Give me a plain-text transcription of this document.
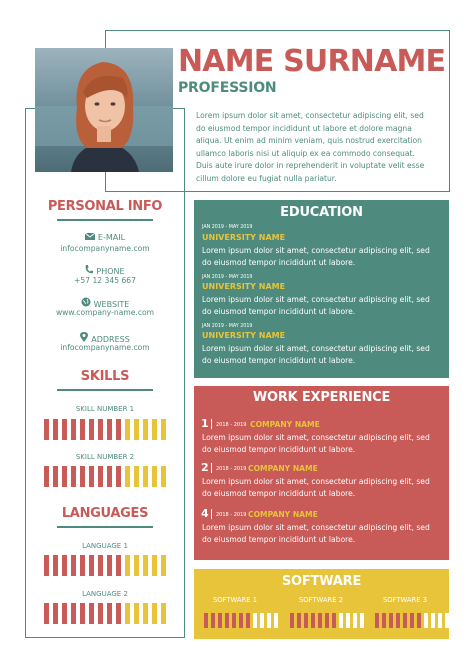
NAME SURNAME
PROFESSION
Lorem ipsum dolor sit amet, consectetur adipiscing elit, sed do eiusmod tempor incididunt ut labore et dolore magna aliqua. Ut enim ad minim veniam, quis nostrud exercitation ullamco laboris nisi ut aliquip ex ea commodo consequat. Duis aute irure dolor in reprehenderit in voluptate velit esse cillum dolore eu fugiat nulla pariatur.
PERSONAL INFO
E-MAIL
infocompanyname.com
PHONE
+57 12 345 667
WEBSITE
www.company-name.com
ADDRESS
infocompanyname.com
SKILLS
SKILL NUMBER 1
SKILL NUMBER 2
LANGUAGES
LANGUAGE 1
LANGUAGE 2
EDUCATION
JAN 2019 - MAY 2019
UNIVERSITY NAME
Lorem ipsum dolor sit amet, consectetur adipiscing elit, sed do eiusmod tempor incididunt ut labore.
JAN 2019 - MAY 2019
UNIVERSITY NAME
Lorem ipsum dolor sit amet, consectetur adipiscing elit, sed do eiusmod tempor incididunt ut labore.
JAN 2019 - MAY 2019
UNIVERSITY NAME
Lorem ipsum dolor sit amet, consectetur adipiscing elit, sed do eiusmod tempor incididunt ut labore.
WORK EXPERIENCE
1 2018 - 2019 COMPANY NAME
Lorem ipsum dolor sit amet, consectetur adipiscing elit, sed do eiusmod tempor incididunt ut labore.
2 2018 - 2019 COMPANY NAME
Lorem ipsum dolor sit amet, consectetur adipiscing elit, sed do eiusmod tempor incididunt ut labore.
4 2018 - 2019 COMPANY NAME
Lorem ipsum dolor sit amet, consectetur adipiscing elit, sed do eiusmod tempor incididunt ut labore.
SOFTWARE
SOFTWARE 1	SOFTWARE 2	SOFTWARE 3
